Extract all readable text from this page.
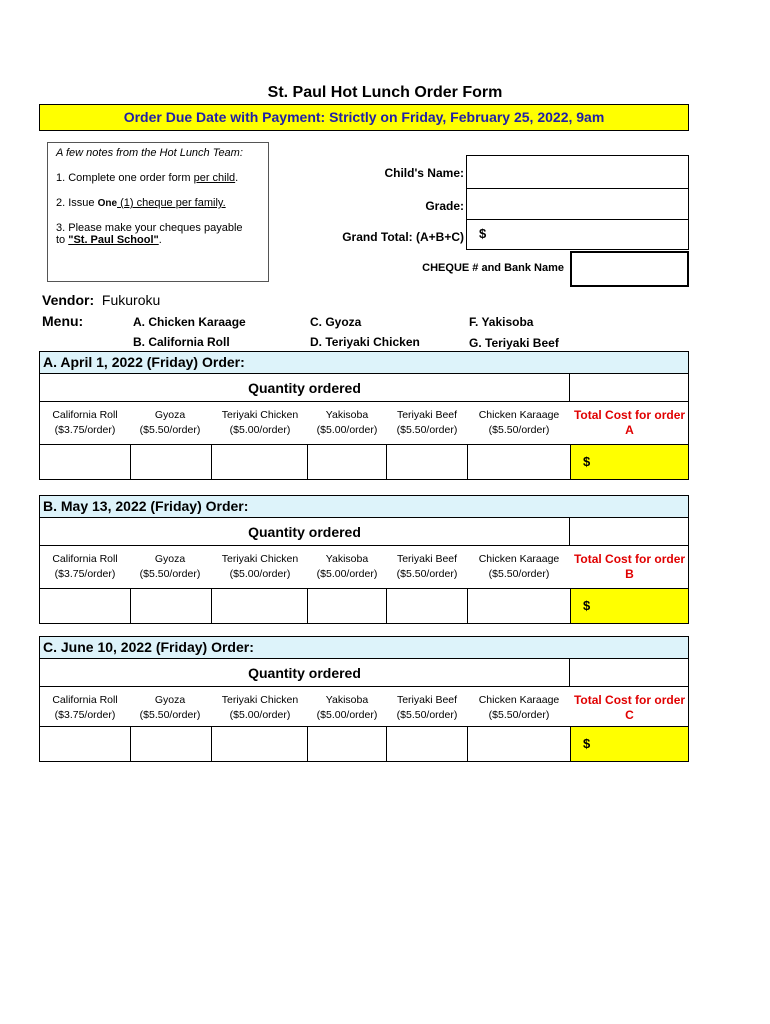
St. Paul Hot Lunch Order Form
Order Due Date with Payment: Strictly on Friday, February 25, 2022, 9am
A few notes from the Hot Lunch Team:
1. Complete one order form per child.
2. Issue One (1) cheque per family.
3. Please make your cheques payable
to "St. Paul School".
Child's Name:
Grade:
Grand Total: (A+B+C)	$
CHEQUE # and Bank Name
Vendor: Fukuroku
Menu:	A. Chicken Karaage
B. California Roll
C. Gyoza
D. Teriyaki Chicken
F. Yakisoba
G. Teriyaki Beef
A. April 1, 2022 (Friday) Order:
Quantity ordered
California Roll
($3.75/order)
Gyoza
($5.50/order)
Teriyaki Chicken
($5.00/order)
Yakisoba
($5.00/order)
Teriyaki Beef
($5.50/order)
Chicken Karaage
($5.50/order)
Total Cost for order
A
$
B. May 13, 2022 (Friday) Order:
Quantity ordered
California Roll
($3.75/order)
Gyoza
($5.50/order)
Teriyaki Chicken
($5.00/order)
Yakisoba
($5.00/order)
Teriyaki Beef
($5.50/order)
Chicken Karaage
($5.50/order)
Total Cost for order
B
$
C. June 10, 2022 (Friday) Order:
Quantity ordered
California Roll
($3.75/order)
Gyoza
($5.50/order)
Teriyaki Chicken
($5.00/order)
Yakisoba
($5.00/order)
Teriyaki Beef
($5.50/order)
Chicken Karaage
($5.50/order)
Total Cost for order
C
$
